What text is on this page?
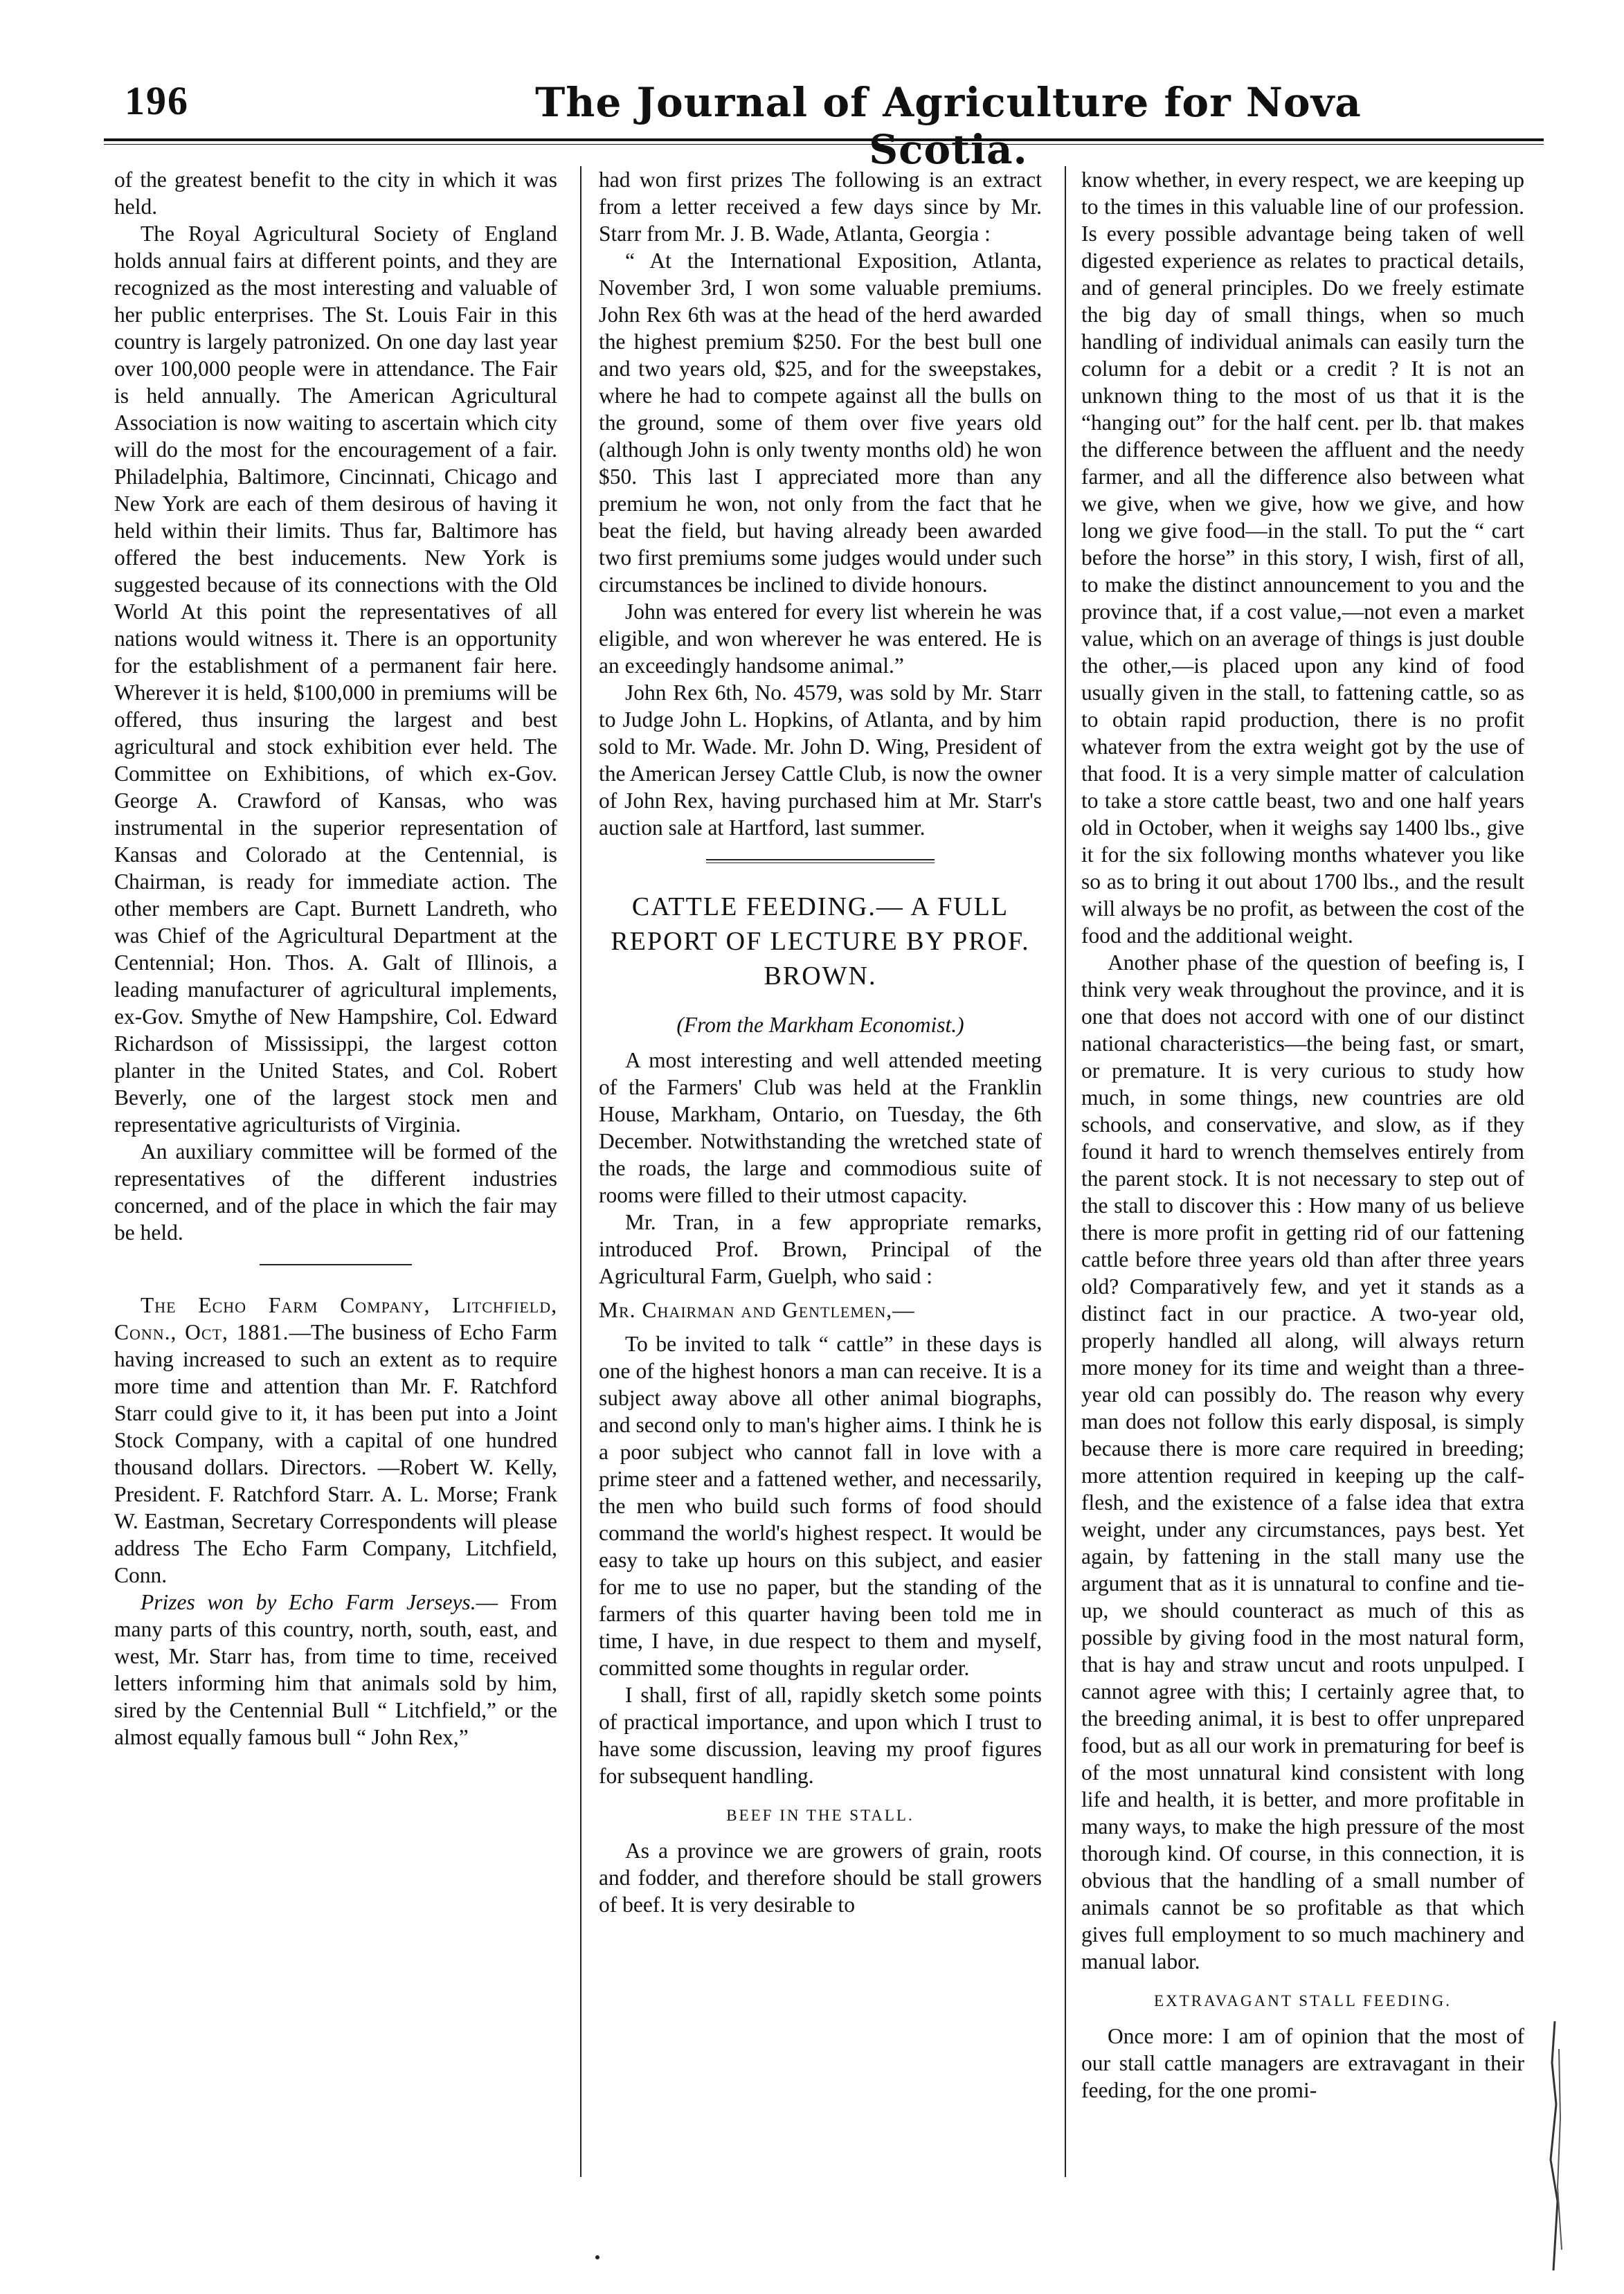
196	The Journal of Agriculture for Nova Scotia.

of the greatest benefit to the city in which it was held.

The Royal Agricultural Society of England holds annual fairs at different points, and they are recognized as the most interesting and valuable of her public enterprises. The St. Louis Fair in this country is largely patronized. On one day last year over 100,000 people were in attendance. The Fair is held annually. The American Agricultural Association is now waiting to ascertain which city will do the most for the encouragement of a fair. Philadelphia, Baltimore, Cincinnati, Chicago and New York are each of them desirous of having it held within their limits. Thus far, Baltimore has offered the best inducements. New York is suggested because of its connections with the Old World At this point the representatives of all nations would witness it. There is an opportunity for the establishment of a permanent fair here. Wherever it is held, $100,000 in premiums will be offered, thus insuring the largest and best agricultural and stock exhibition ever held. The Committee on Exhibitions, of which ex-Gov. George A. Crawford of Kansas, who was instrumental in the superior representation of Kansas and Colorado at the Centennial, is Chairman, is ready for immediate action. The other members are Capt. Burnett Landreth, who was Chief of the Agricultural Department at the Centennial; Hon. Thos. A. Galt of Illinois, a leading manufacturer of agricultural implements, ex-Gov. Smythe of New Hampshire, Col. Edward Richardson of Mississippi, the largest cotton planter in the United States, and Col. Robert Beverly, one of the largest stock men and representative agriculturists of Virginia.

An auxiliary committee will be formed of the representatives of the different industries concerned, and of the place in which the fair may be held.

The Echo Farm Company, Litchfield, Conn., Oct, 1881.—The business of Echo Farm having increased to such an extent as to require more time and attention than Mr. F. Ratchford Starr could give to it, it has been put into a Joint Stock Company, with a capital of one hundred thousand dollars. Directors. —Robert W. Kelly, President. F. Ratchford Starr. A. L. Morse; Frank W. Eastman, Secretary Correspondents will please address The Echo Farm Company, Litchfield, Conn.

Prizes won by Echo Farm Jerseys.— From many parts of this country, north, south, east, and west, Mr. Starr has, from time to time, received letters informing him that animals sold by him, sired by the Centennial Bull “ Litchfield,” or the almost equally famous bull “ John Rex,”

had won first prizes The following is an extract from a letter received a few days since by Mr. Starr from Mr. J. B. Wade, Atlanta, Georgia :

“ At the International Exposition, Atlanta, November 3rd, I won some valuable premiums. John Rex 6th was at the head of the herd awarded the highest premium $250. For the best bull one and two years old, $25, and for the sweepstakes, where he had to compete against all the bulls on the ground, some of them over five years old (although John is only twenty months old) he won $50. This last I appreciated more than any premium he won, not only from the fact that he beat the field, but having already been awarded two first premiums some judges would under such circumstances be inclined to divide honours.

John was entered for every list wherein he was eligible, and won wherever he was entered. He is an exceedingly handsome animal.”

John Rex 6th, No. 4579, was sold by Mr. Starr to Judge John L. Hopkins, of Atlanta, and by him sold to Mr. Wade. Mr. John D. Wing, President of the American Jersey Cattle Club, is now the owner of John Rex, having purchased him at Mr. Starr's auction sale at Hartford, last summer.

CATTLE FEEDING.— A FULL REPORT OF LECTURE BY PROF. BROWN.
(From the Markham Economist.)

A most interesting and well attended meeting of the Farmers' Club was held at the Franklin House, Markham, Ontario, on Tuesday, the 6th December. Notwithstanding the wretched state of the roads, the large and commodious suite of rooms were filled to their utmost capacity.

Mr. Tran, in a few appropriate remarks, introduced Prof. Brown, Principal of the Agricultural Farm, Guelph, who said :

Mr. Chairman and Gentlemen,—

To be invited to talk “ cattle” in these days is one of the highest honors a man can receive. It is a subject away above all other animal biographs, and second only to man's higher aims. I think he is a poor subject who cannot fall in love with a prime steer and a fattened wether, and necessarily, the men who build such forms of food should command the world's highest respect. It would be easy to take up hours on this subject, and easier for me to use no paper, but the standing of the farmers of this quarter having been told me in time, I have, in due respect to them and myself, committed some thoughts in regular order.

I shall, first of all, rapidly sketch some points of practical importance, and upon which I trust to have some discussion, leaving my proof figures for subsequent handling.

BEEF IN THE STALL.

As a province we are growers of grain, roots and fodder, and therefore should be stall growers of beef. It is very desirable to

know whether, in every respect, we are keeping up to the times in this valuable line of our profession. Is every possible advantage being taken of well digested experience as relates to practical details, and of general principles. Do we freely estimate the big day of small things, when so much handling of individual animals can easily turn the column for a debit or a credit ? It is not an unknown thing to the most of us that it is the “hanging out” for the half cent. per lb. that makes the difference between the affluent and the needy farmer, and all the difference also between what we give, when we give, how we give, and how long we give food—in the stall. To put the “ cart before the horse” in this story, I wish, first of all, to make the distinct announcement to you and the province that, if a cost value,—not even a market value, which on an average of things is just double the other,—is placed upon any kind of food usually given in the stall, to fattening cattle, so as to obtain rapid production, there is no profit whatever from the extra weight got by the use of that food. It is a very simple matter of calculation to take a store cattle beast, two and one half years old in October, when it weighs say 1400 lbs., give it for the six following months whatever you like so as to bring it out about 1700 lbs., and the result will always be no profit, as between the cost of the food and the additional weight.

Another phase of the question of beefing is, I think very weak throughout the province, and it is one that does not accord with one of our distinct national characteristics—the being fast, or smart, or premature. It is very curious to study how much, in some things, new countries are old schools, and conservative, and slow, as if they found it hard to wrench themselves entirely from the parent stock. It is not necessary to step out of the stall to discover this : How many of us believe there is more profit in getting rid of our fattening cattle before three years old than after three years old? Comparatively few, and yet it stands as a distinct fact in our practice. A two-year old, properly handled all along, will always return more money for its time and weight than a three-year old can possibly do. The reason why every man does not follow this early disposal, is simply because there is more care required in breeding; more attention required in keeping up the calf-flesh, and the existence of a false idea that extra weight, under any circumstances, pays best. Yet again, by fattening in the stall many use the argument that as it is unnatural to confine and tie-up, we should counteract as much of this as possible by giving food in the most natural form, that is hay and straw uncut and roots unpulped. I cannot agree with this; I certainly agree that, to the breeding animal, it is best to offer unprepared food, but as all our work in prematuring for beef is of the most unnatural kind consistent with long life and health, it is better, and more profitable in many ways, to make the high pressure of the most thorough kind. Of course, in this connection, it is obvious that the handling of a small number of animals cannot be so profitable as that which gives full employment to so much machinery and manual labor.

EXTRAVAGANT STALL FEEDING.

Once more: I am of opinion that the most of our stall cattle managers are extravagant in their feeding, for the one promi-
